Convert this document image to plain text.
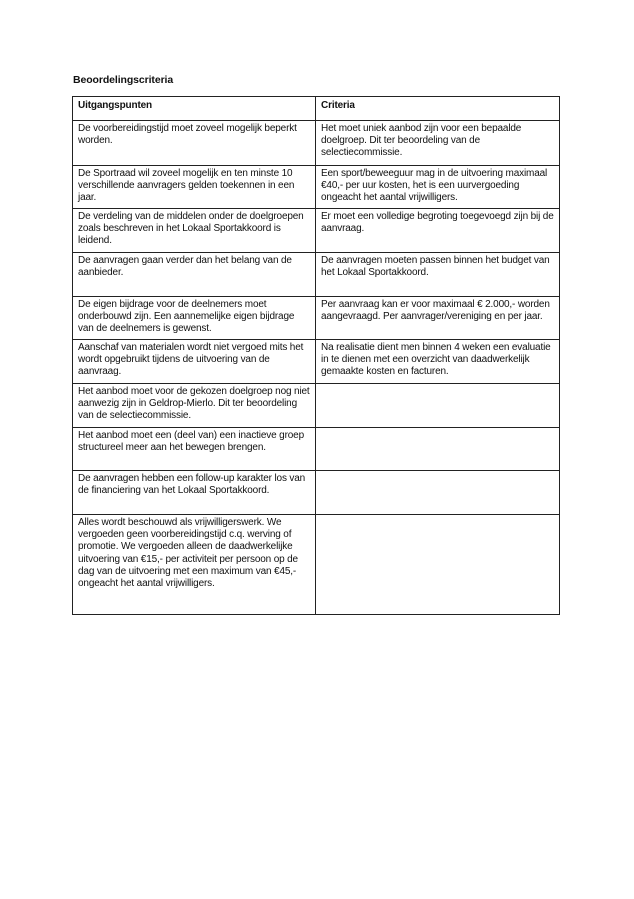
Beoordelingscriteria
Uitgangspunten	Criteria
De voorbereidingstijd moet zoveel mogelijk beperkt worden.	Het moet uniek aanbod zijn voor een bepaalde doelgroep. Dit ter beoordeling van de selectiecommissie.
De Sportraad wil zoveel mogelijk en ten minste 10 verschillende aanvragers gelden toekennen in een jaar.	Een sport/beweeguur mag in de uitvoering maximaal €40,- per uur kosten, het is een uurvergoeding ongeacht het aantal vrijwilligers.
De verdeling van de middelen onder de doelgroepen zoals beschreven in het Lokaal Sportakkoord is leidend.	Er moet een volledige begroting toegevoegd zijn bij de aanvraag.
De aanvragen gaan verder dan het belang van de aanbieder.	De aanvragen moeten passen binnen het budget van het Lokaal Sportakkoord.
De eigen bijdrage voor de deelnemers moet onderbouwd zijn. Een aannemelijke eigen bijdrage van de deelnemers is gewenst.	Per aanvraag kan er voor maximaal € 2.000,- worden aangevraagd. Per aanvrager/vereniging en per jaar.
Aanschaf van materialen wordt niet vergoed mits het wordt opgebruikt tijdens de uitvoering van de aanvraag.	Na realisatie dient men binnen 4 weken een evaluatie in te dienen met een overzicht van daadwerkelijk gemaakte kosten en facturen.
Het aanbod moet voor de gekozen doelgroep nog niet aanwezig zijn in Geldrop-Mierlo. Dit ter beoordeling van de selectiecommissie.	
Het aanbod moet een (deel van) een inactieve groep structureel meer aan het bewegen brengen.	
De aanvragen hebben een follow-up karakter los van de financiering van het Lokaal Sportakkoord.	
Alles wordt beschouwd als vrijwilligerswerk. We vergoeden geen voorbereidingstijd c.q. werving of promotie. We vergoeden alleen de daadwerkelijke uitvoering van €15,- per activiteit per persoon op de dag van de uitvoering met een maximum van €45,- ongeacht het aantal vrijwilligers.	
